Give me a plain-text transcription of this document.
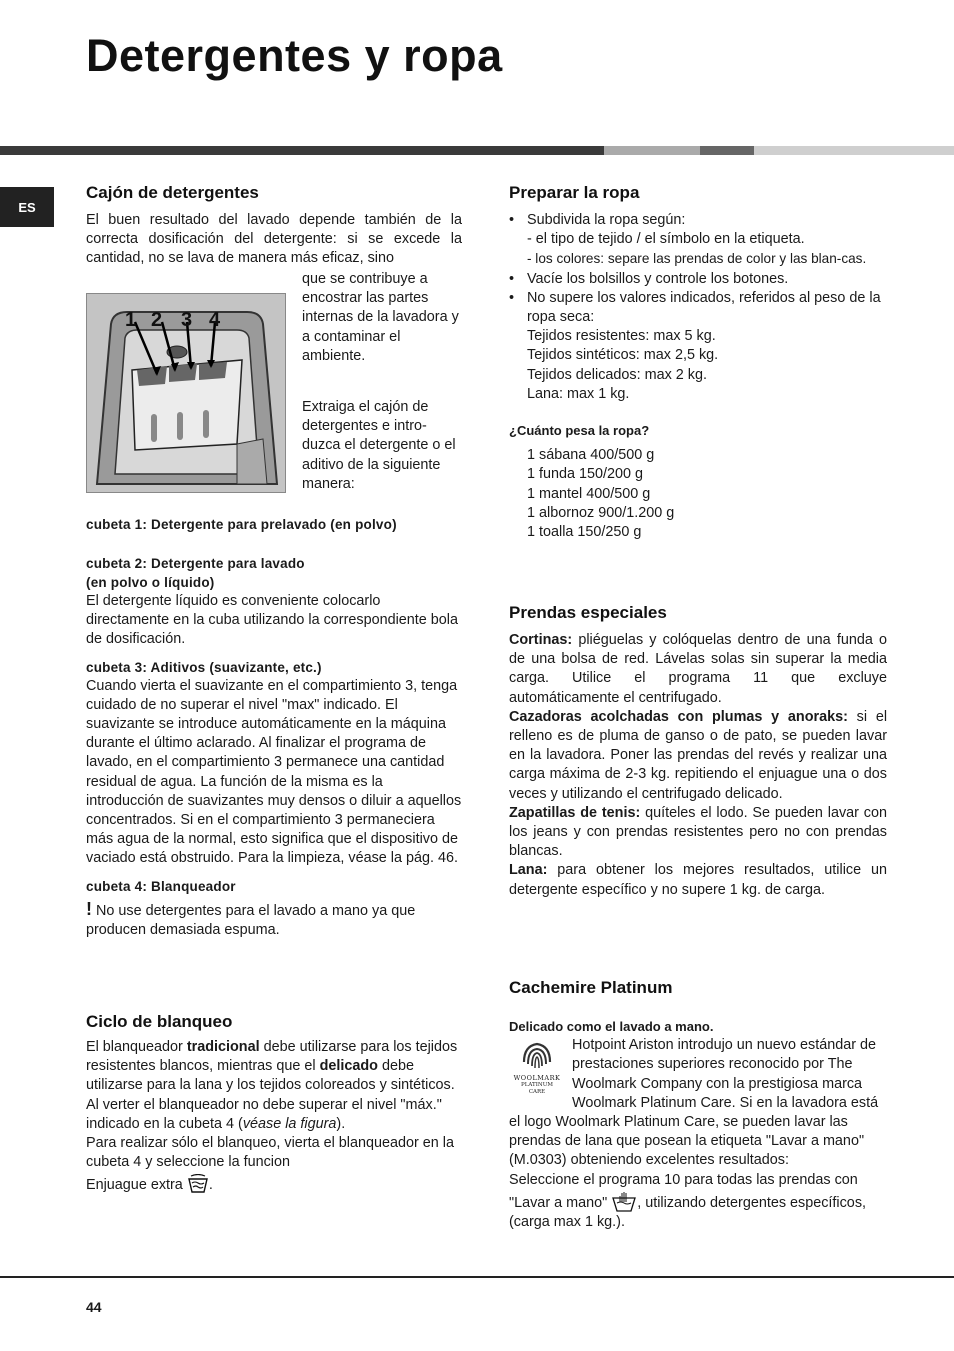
Detergentes y ropa
ES
Cajón de detergentes

El buen resultado del lavado depende también de la correcta dosificación del detergente: si se excede la cantidad, no se lava de manera más eficaz, sino

que se contribuye a encostrar las partes internas de la lavadora y a contaminar el ambiente.

Extraiga el cajón de detergentes e intro-duzca el detergente o el aditivo de la siguiente manera:

1 2 3 4

cubeta 1: Detergente para prelavado (en polvo)

cubeta 2: Detergente para lavado

(en polvo o líquido)

El detergente líquido es conveniente colocarlo directamente en la cuba utilizando la correspondiente bola de dosificación.

cubeta 3: Aditivos (suavizante, etc.)

Cuando vierta el suavizante en el compartimiento 3, tenga cuidado de no superar el nivel "max" indicado. El suavizante se introduce automáticamente en la máquina durante el último aclarado. Al finalizar el programa de lavado, en el compartimiento 3 permanece una cantidad residual de agua. La función de la misma es la introducción de suavizantes muy densos o diluir a aquellos concentrados. Si en el compartimiento 3 permaneciera más agua de la normal, esto significa que el dispositivo de vaciado está obstruido. Para la limpieza, véase la pág. 46.

cubeta 4: Blanqueador

! No use detergentes para el lavado a mano ya que producen demasiada espuma.

Ciclo de blanqueo

El blanqueador tradicional debe utilizarse para los tejidos resistentes blancos, mientras que el delicado debe utilizarse para la lana y los tejidos coloreados y sintéticos.

Al verter el blanqueador no debe superar el nivel "máx." indicado en la cubeta 4 (véase la figura).

Para realizar sólo el blanqueo, vierta el blanqueador en la cubeta 4 y seleccione la funcion

Enjuague extra .

Preparar la ropa
• Subdivida la ropa según:
- el tipo de tejido / el símbolo en la etiqueta.
- los colores: separe las prendas de color y las blan-cas.
• Vacíe los bolsillos y controle los botones.
• No supere los valores indicados, referidos al peso de la ropa seca:
Tejidos resistentes: max 5 kg.
Tejidos sintéticos: max 2,5 kg.
Tejidos delicados: max 2 kg.
Lana: max 1 kg.

¿Cuánto pesa la ropa?

1 sábana 400/500 g

1 funda 150/200 g

1 mantel 400/500 g

1 albornoz 900/1.200 g

1 toalla 150/250 g

Prendas especiales

Cortinas: pliéguelas y colóquelas dentro de una funda o de una bolsa de red. Lávelas solas sin superar la media carga. Utilice el programa 11 que excluye automáticamente el centrifugado.

Cazadoras acolchadas con plumas y anoraks: si el relleno es de pluma de ganso o de pato, se pueden lavar en la lavadora. Poner las prendas del revés y realizar una carga máxima de 2-3 kg. repitiendo el enjuague una o dos veces y utilizando el centrifugado delicado.

Zapatillas de tenis: quíteles el lodo. Se pueden lavar con los jeans y con prendas resistentes pero no con prendas blancas.

Lana: para obtener los mejores resultados, utilice un detergente específico y no supere 1 kg. de carga.

Cachemire Platinum

Delicado como el lavado a mano.

WOOLMARK
PLATINUM
CARE

Hotpoint Ariston introdujo un nuevo estándar de prestaciones superiores reconocido por The Woolmark Company con la prestigiosa marca Woolmark Platinum Care. Si en la lavadora está el logo Woolmark Platinum Care, se pueden lavar las prendas de lana que posean la etiqueta "Lavar a mano" (M.0303) obteniendo excelentes resultados:

Seleccione el programa 10 para todas las prendas con

"Lavar a mano" , utilizando detergentes específicos, (carga max 1 kg.).

44
